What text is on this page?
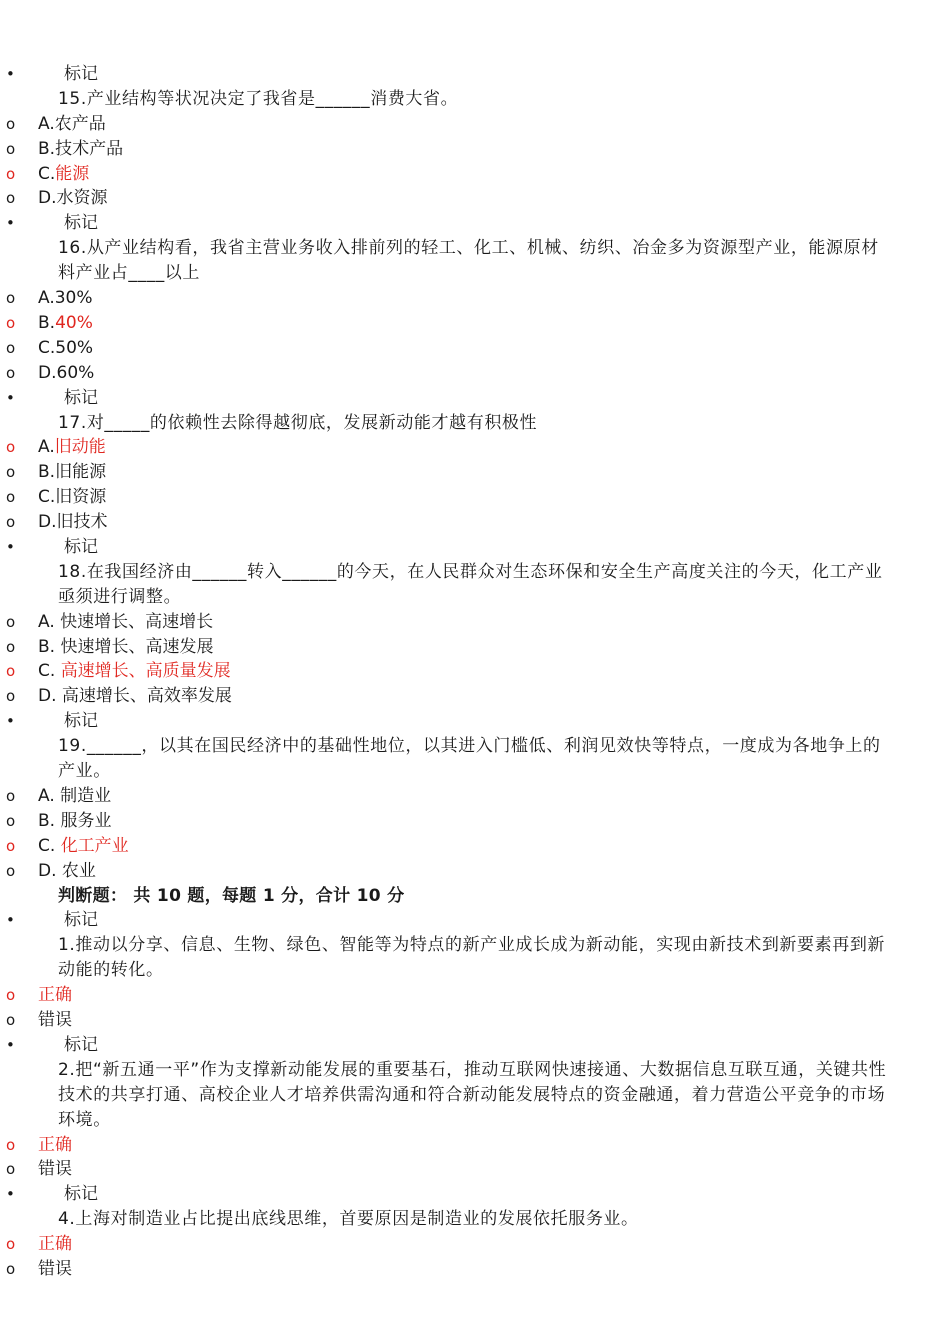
•	标记
15.产业结构等状况决定了我省是______消费大省。
o	A.农产品
o	B.技术产品
o	C.能源
o	D.水资源
•	标记
16.从产业结构看，我省主营业务收入排前列的轻工、化工、机械、纺织、冶金多为资源型产业，能源原材料产业占____以上
o	A.30%
o	B.40%
o	C.50%
o	D.60%
•	标记
17.对_____的依赖性去除得越彻底，发展新动能才越有积极性
o	A.旧动能
o	B.旧能源
o	C.旧资源
o	D.旧技术
•	标记
18.在我国经济由______转入______的今天，在人民群众对生态环保和安全生产高度关注的今天，化工产业亟须进行调整。
o	A. 快速增长、高速增长
o	B. 快速增长、高速发展
o	C. 高速增长、高质量发展
o	D. 高速增长、高效率发展
•	标记
19.______，以其在国民经济中的基础性地位，以其进入门槛低、利润见效快等特点，一度成为各地争上的产业。
o	A. 制造业
o	B. 服务业
o	C. 化工产业
o	D. 农业
判断题： 共 10 题，每题 1 分，合计 10 分
•	标记
1.推动以分享、信息、生物、绿色、智能等为特点的新产业成长成为新动能，实现由新技术到新要素再到新动能的转化。
o	正确
o	错误
•	标记
2.把“新五通一平”作为支撑新动能发展的重要基石，推动互联网快速接通、大数据信息互联互通，关键共性技术的共享打通、高校企业人才培养供需沟通和符合新动能发展特点的资金融通，着力营造公平竞争的市场环境。
o	正确
o	错误
•	标记
4.上海对制造业占比提出底线思维，首要原因是制造业的发展依托服务业。
o	正确
o	错误
